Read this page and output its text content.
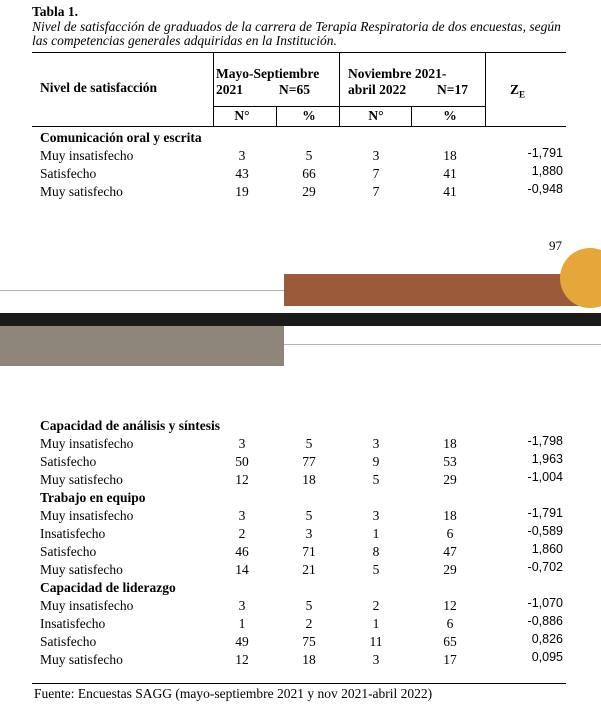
Tabla 1.
Nivel de satisfacción de graduados de la carrera de Terapia Respiratoria de dos encuestas, según las competencias generales adquiridas en la Institución.
Nivel de satisfacción
Mayo-Septiembre
2021	N=65
Noviembre 2021-
abril 2022 N=17	$Z_E$
N°	%	N°	%
Comunicación oral y escrita
Muy insatisfecho	3	5	3	18	-1,791
Satisfecho	43	66	7	41	1,880
Muy satisfecho	19	29	7	41	-0,948
97
Capacidad de análisis y síntesis
Muy insatisfecho	3	5	3	18	-1,798
Satisfecho	50	77	9	53	1,963
Muy satisfecho	12	18	5	29	-1,004
Trabajo en equipo
Muy insatisfecho	3	5	3	18	-1,791
Insatisfecho	2	3	1	6	-0,589
Satisfecho	46	71	8	47	1,860
Muy satisfecho	14	21	5	29	-0,702
Capacidad de liderazgo
Muy insatisfecho	3	5	2	12	-1,070
Insatisfecho	1	2	1	6	-0,886
Satisfecho	49	75	11	65	0,826
Muy satisfecho	12	18	3	17	0,095
Fuente: Encuestas SAGG (mayo-septiembre 2021 y nov 2021-abril 2022)
